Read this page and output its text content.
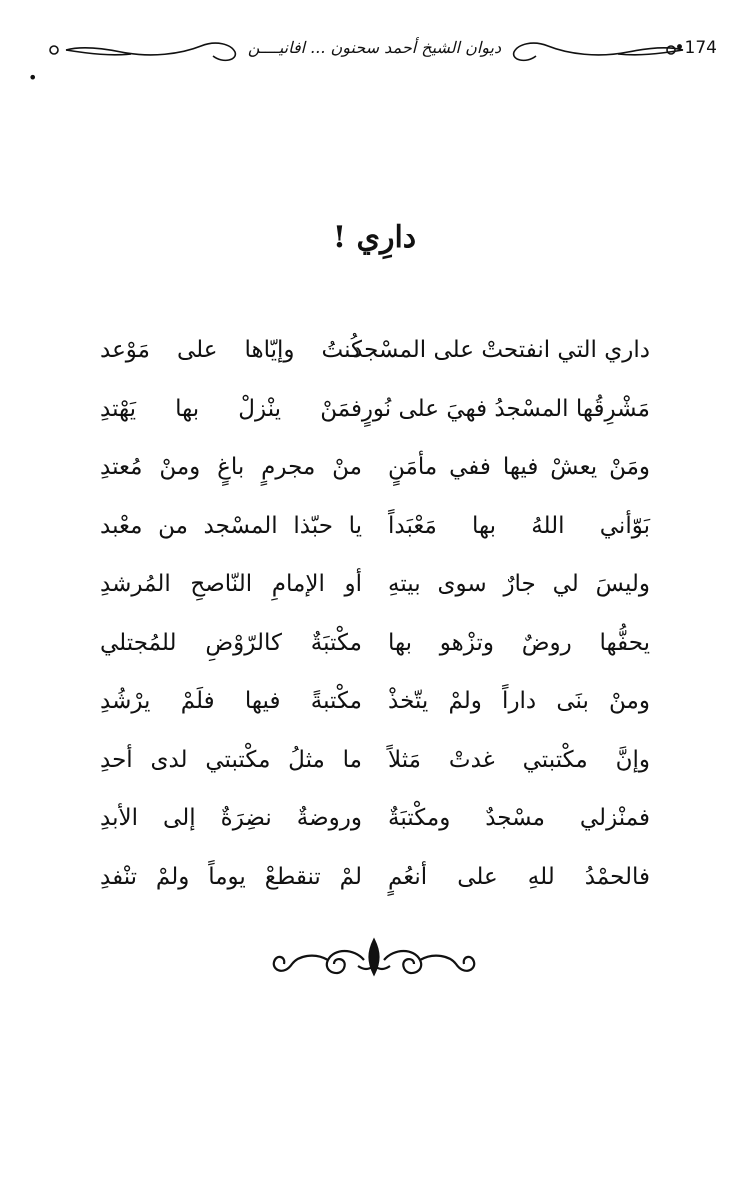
•
•174
ديوان الشيخ أحمد سحنون ... افانيــــن
دارِي !
داري التي انفتحتْ على المسْجد
كُنتُ وإيّاها على مَوْعد
مَشْرِقُها المسْجدُ فهيَ على نُورٍ
فمَنْ ينْزلْ بها يَهْتدِ
ومَنْ يعشْ فيها ففي مأمَنٍ
منْ مجرمٍ باغٍ ومنْ مُعتدِ
بَوّأني اللهُ بها مَعْبَداً
يا حبّذا المسْجد من معْبد
وليسَ لي جارٌ سوى بيتهِ
أو الإمامِ النّاصحِ المُرشدِ
يحفُّها روضٌ وتزْهو بها
مكْتبَةٌ كالرّوْضِ للمُجتلي
ومنْ بنَى داراً ولمْ يتّخذْ
مكْتبةً فيها فلَمْ يرْشُدِ
وإنَّ مكْتبتي غدتْ مَثلاً
ما مثلُ مكْتبتي لدى أحدِ
فمنْزلي مسْجدٌ ومكْتبَةٌ
وروضةٌ نضِرَةٌ إلى الأبدِ
فالحمْدُ للهِ على أنعُمٍ
لمْ تنقطعْ يوماً ولمْ تنْفدِ
